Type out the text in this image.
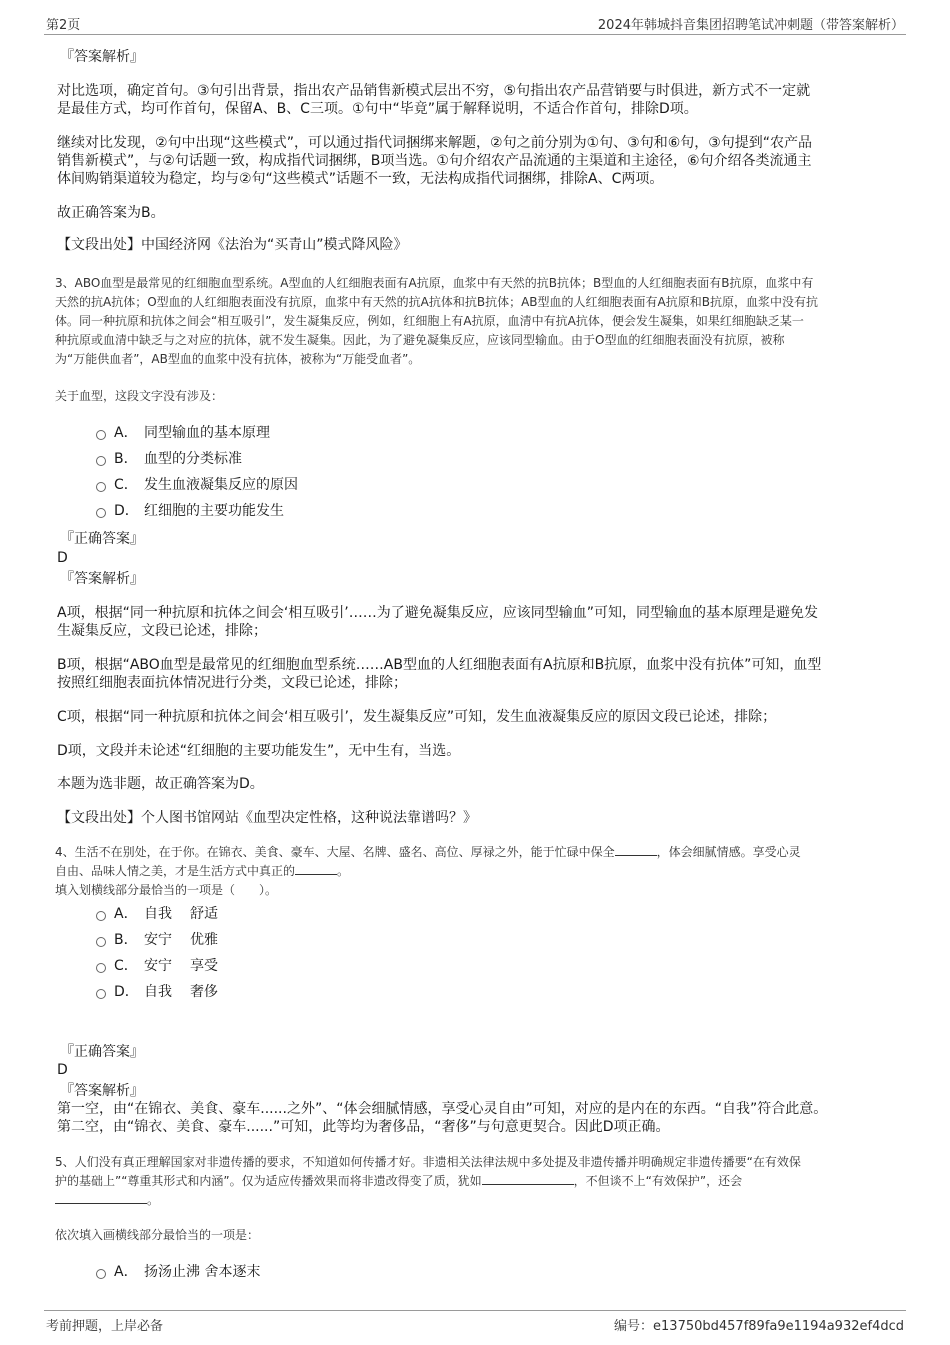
第2页	2024年韩城抖音集团招聘笔试冲刺题（带答案解析）
『答案解析』
对比选项，确定首句。③句引出背景，指出农产品销售新模式层出不穷，⑤句指出农产品营销要与时俱进，新方式不一定就
是最佳方式，均可作首句，保留A、B、C三项。①句中“毕竟”属于解释说明，不适合作首句，排除D项。
继续对比发现，②句中出现“这些模式”，可以通过指代词捆绑来解题，②句之前分别为①句、③句和⑥句，③句提到“农产品
销售新模式”，与②句话题一致，构成指代词捆绑，B项当选。①句介绍农产品流通的主渠道和主途径，⑥句介绍各类流通主
体间购销渠道较为稳定，均与②句“这些模式”话题不一致，无法构成指代词捆绑，排除A、C两项。
故正确答案为B。
【文段出处】中国经济网《法治为“买青山”模式降风险》
3、ABO血型是最常见的红细胞血型系统。A型血的人红细胞表面有A抗原，血浆中有天然的抗B抗体；B型血的人红细胞表面有B抗原，血浆中有
天然的抗A抗体；O型血的人红细胞表面没有抗原，血浆中有天然的抗A抗体和抗B抗体；AB型血的人红细胞表面有A抗原和B抗原，血浆中没有抗
体。同一种抗原和抗体之间会“相互吸引”，发生凝集反应，例如，红细胞上有A抗原，血清中有抗A抗体，便会发生凝集，如果红细胞缺乏某一
种抗原或血清中缺乏与之对应的抗体，就不发生凝集。因此，为了避免凝集反应，应该同型输血。由于O型血的红细胞表面没有抗原，被称
为“万能供血者”，AB型血的血浆中没有抗体，被称为“万能受血者”。
关于血型，这段文字没有涉及：
A． 同型输血的基本原理
B． 血型的分类标准
C． 发生血液凝集反应的原因
D． 红细胞的主要功能发生
『正确答案』
D
『答案解析』
A项，根据“同一种抗原和抗体之间会‘相互吸引’……为了避免凝集反应，应该同型输血”可知，同型输血的基本原理是避免发
生凝集反应，文段已论述，排除；
B项，根据“ABO血型是最常见的红细胞血型系统……AB型血的人红细胞表面有A抗原和B抗原，血浆中没有抗体”可知，血型
按照红细胞表面抗体情况进行分类，文段已论述，排除；
C项，根据“同一种抗原和抗体之间会‘相互吸引’，发生凝集反应”可知，发生血液凝集反应的原因文段已论述，排除；
D项，文段并未论述“红细胞的主要功能发生”，无中生有，当选。
本题为选非题，故正确答案为D。
【文段出处】个人图书馆网站《血型决定性格，这种说法靠谱吗？》
4、生活不在别处，在于你。在锦衣、美食、豪车、大屋、名牌、盛名、高位、厚禄之外，能于忙碌中保全	，体会细腻情感。享受心灵
自由、品味人情之美，才是生活方式中真正的	。
填入划横线部分最恰当的一项是（　　）。
A． 自我 舒适
B． 安宁 优雅
C． 安宁 享受
D． 自我 奢侈
『正确答案』
D
『答案解析』
第一空，由“在锦衣、美食、豪车......之外”、“体会细腻情感，享受心灵自由”可知，对应的是内在的东西。“自我”符合此意。
第二空，由“锦衣、美食、豪车......”可知，此等均为奢侈品，“奢侈”与句意更契合。因此D项正确。
5、人们没有真正理解国家对非遗传播的要求，不知道如何传播才好。非遗相关法律法规中多处提及非遗传播并明确规定非遗传播要“在有效保
护的基础上”“尊重其形式和内涵”。仅为适应传播效果而将非遗改得变了质，犹如	，不但谈不上“有效保护”，还会
。
依次填入画横线部分最恰当的一项是：
A． 扬汤止沸 舍本逐末
考前押题，上岸必备	编号：e13750bd457f89fa9e1194a932ef4dcd
